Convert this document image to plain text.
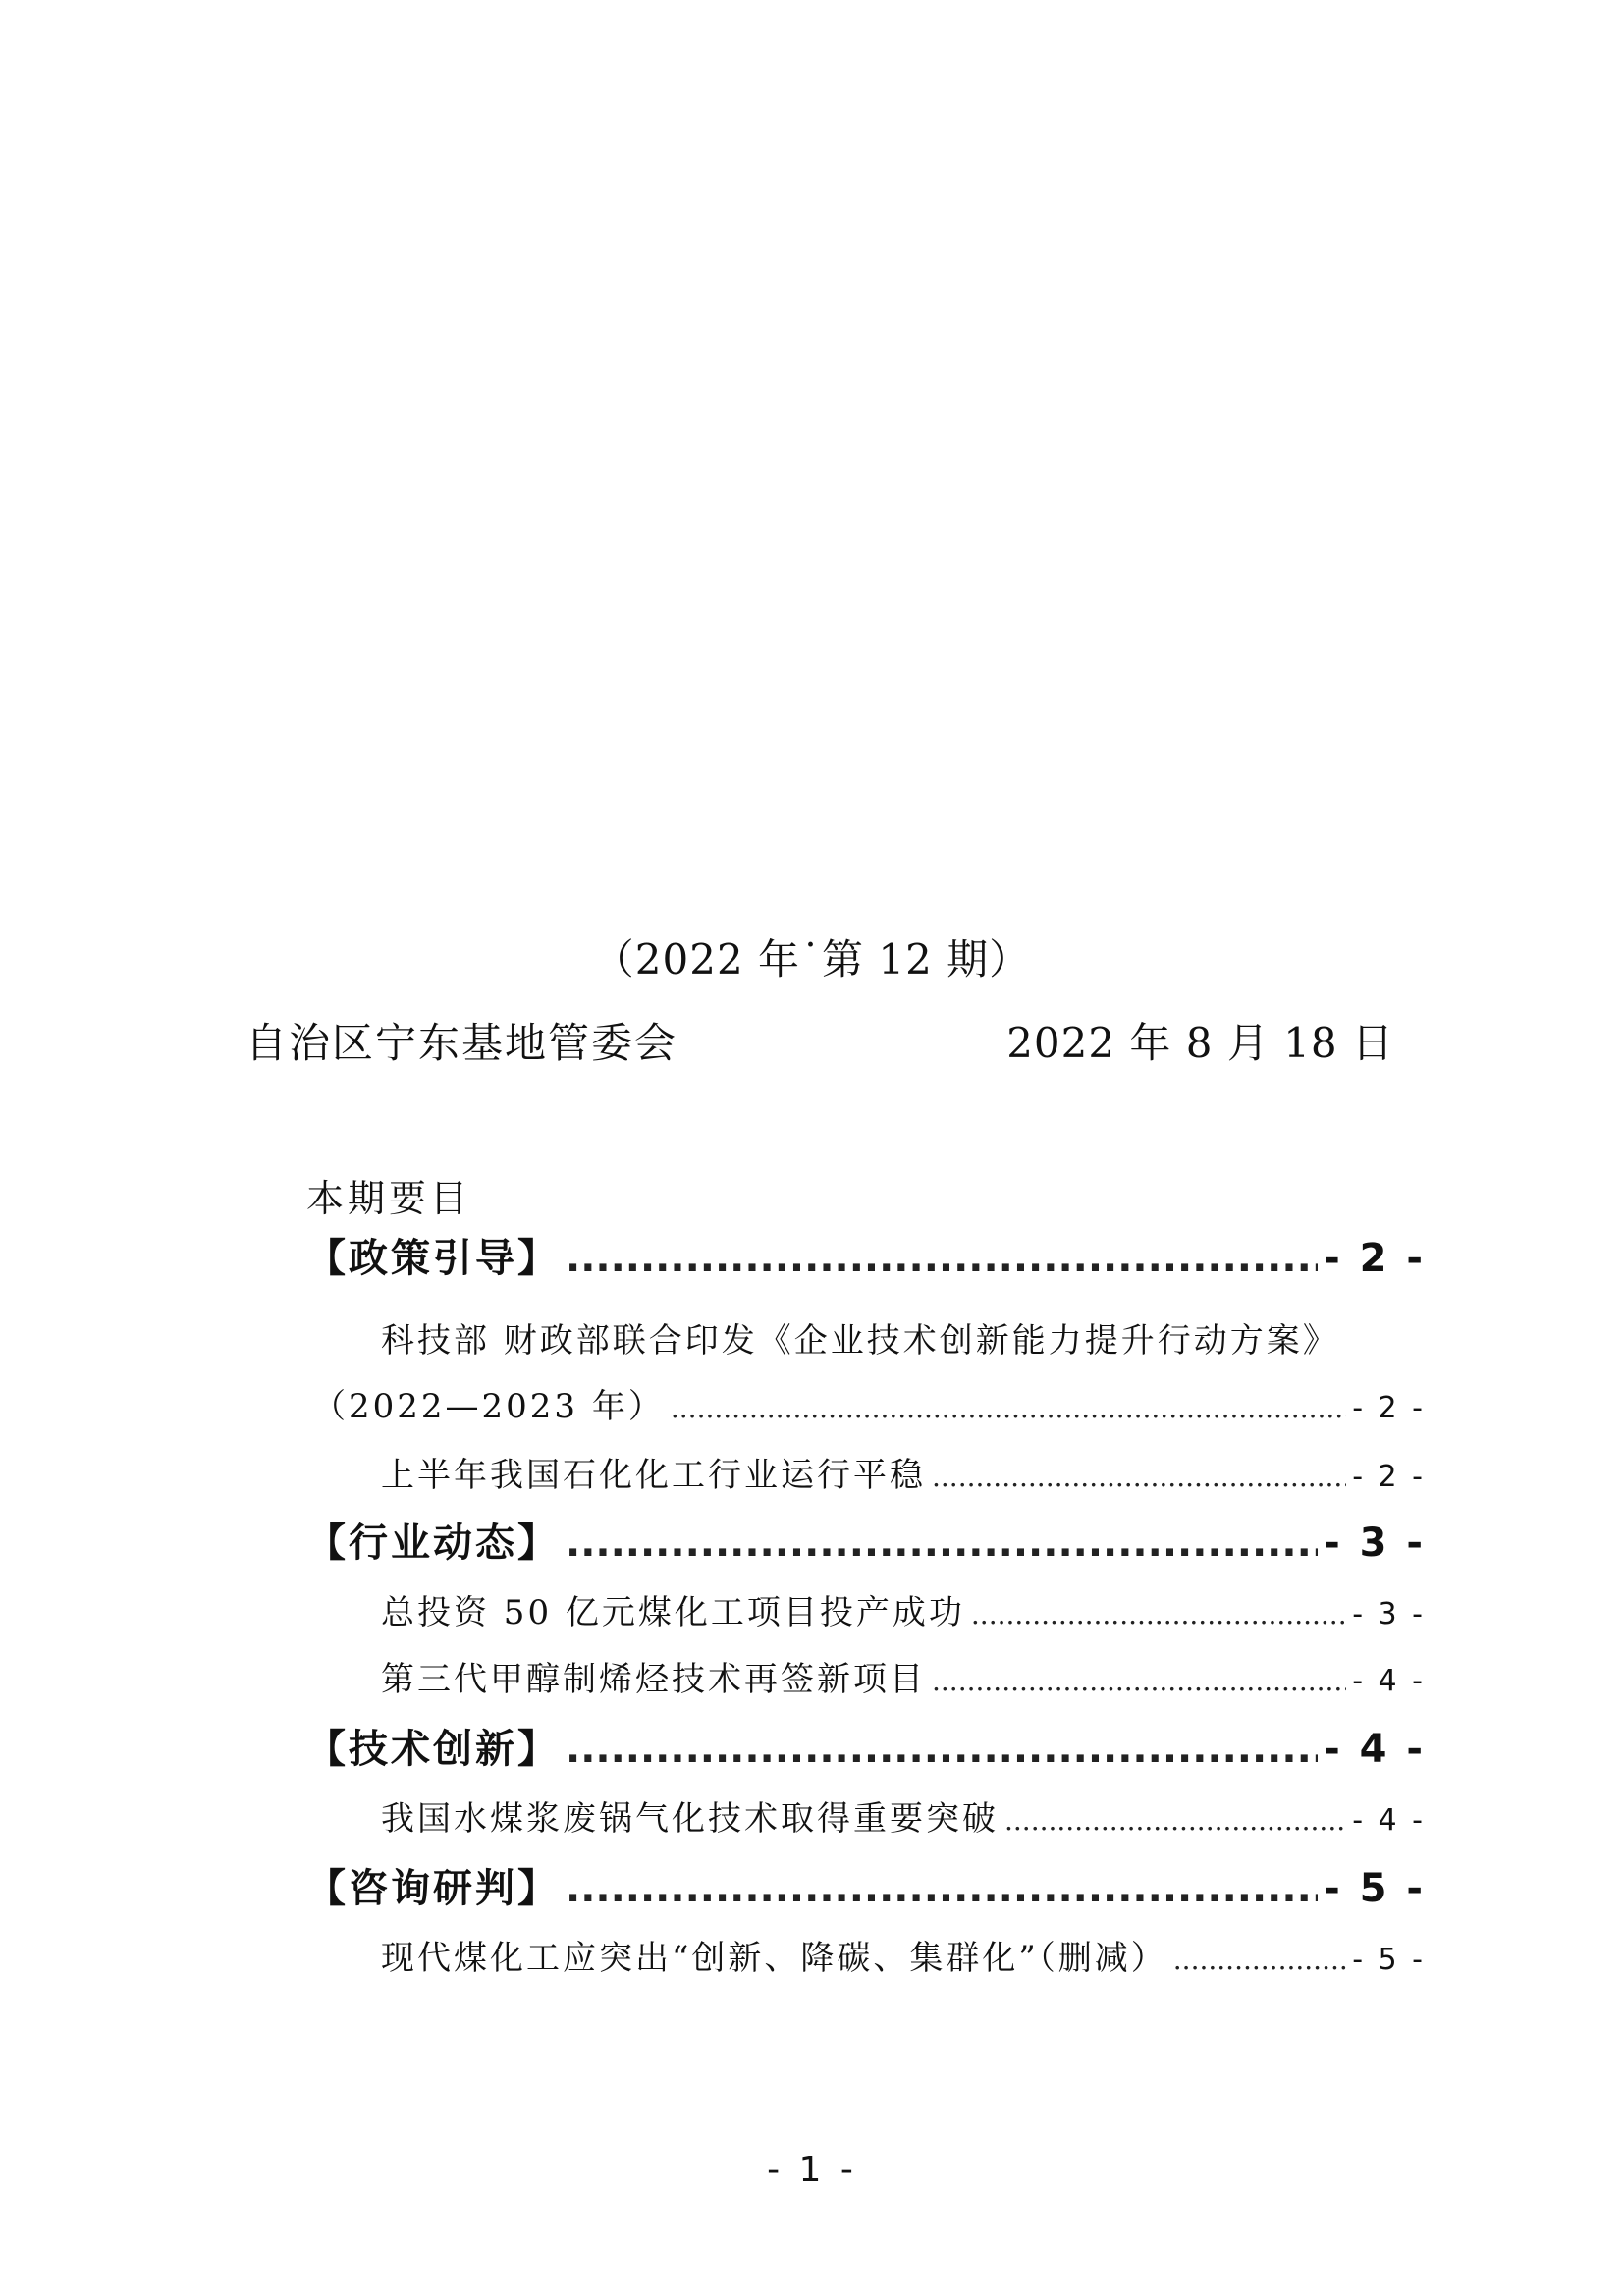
（2022 年˙第 12 期）
自治区宁东基地管委会	2022 年 8 月 18 日
本期要目
【政策引导】 .....	- 2 -
科技部 财政部联合印发《企业技术创新能力提升行动方案》
（2022—2023 年） .....	- 2 -
上半年我国石化化工行业运行平稳 .....	- 2 -
【行业动态】 .....	- 3 -
总投资 50 亿元煤化工项目投产成功 .....	- 3 -
第三代甲醇制烯烃技术再签新项目 .....	- 4 -
【技术创新】 .....	- 4 -
我国水煤浆废锅气化技术取得重要突破 .....	- 4 -
【咨询研判】 .....	- 5 -
现代煤化工应突出“创新、降碳、集群化”（删减） .....	- 5 -
- 1 -
